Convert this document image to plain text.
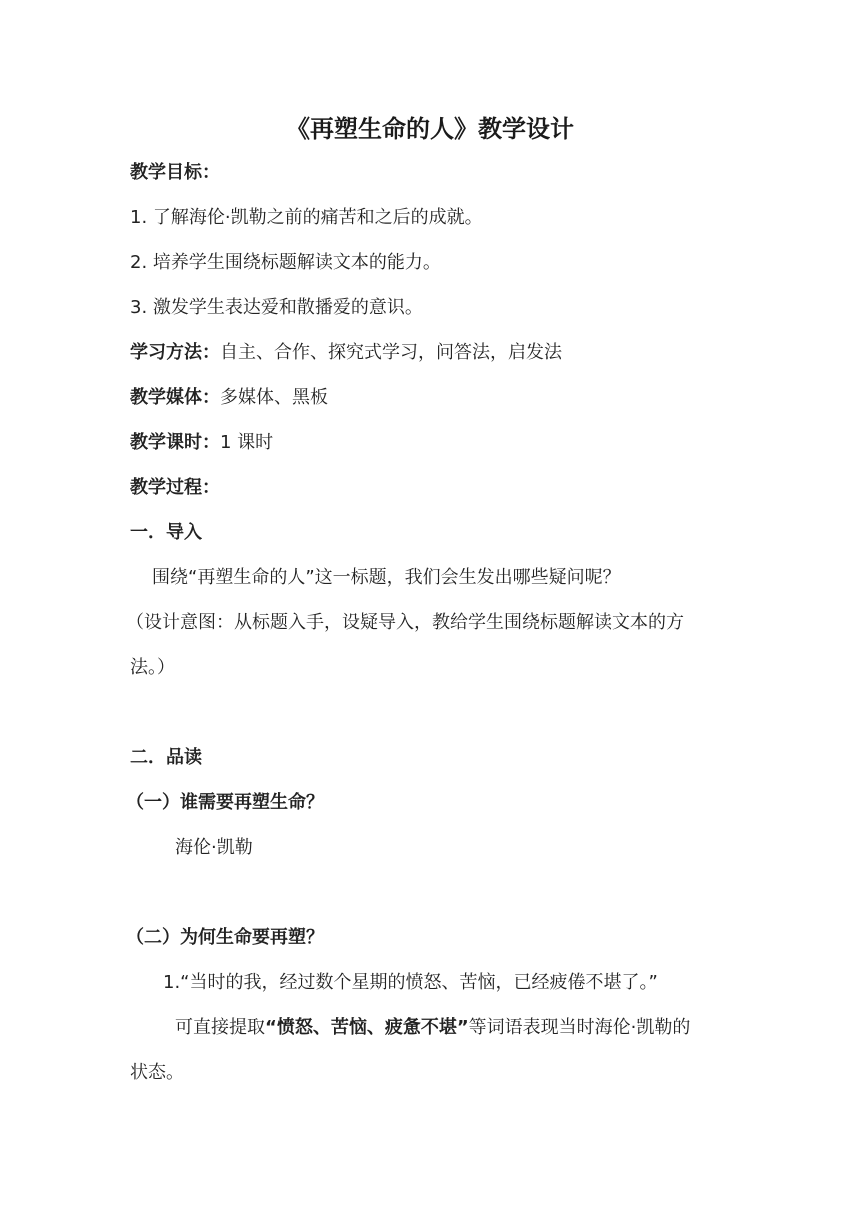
《再塑生命的人》教学设计
教学目标：
1. 了解海伦·凯勒之前的痛苦和之后的成就。
2. 培养学生围绕标题解读文本的能力。
3. 激发学生表达爱和散播爱的意识。
学习方法：自主、合作、探究式学习，问答法，启发法
教学媒体：多媒体、黑板
教学课时：1 课时
教学过程：
一．导入
围绕“再塑生命的人”这一标题，我们会生发出哪些疑问呢？
（设计意图：从标题入手，设疑导入，教给学生围绕标题解读文本的方
法。）
二．品读
（一）谁需要再塑生命？
海伦·凯勒
（二）为何生命要再塑？
1.“当时的我，经过数个星期的愤怒、苦恼，已经疲倦不堪了。”
可直接提取“愤怒、苦恼、疲惫不堪”等词语表现当时海伦·凯勒的
状态。
